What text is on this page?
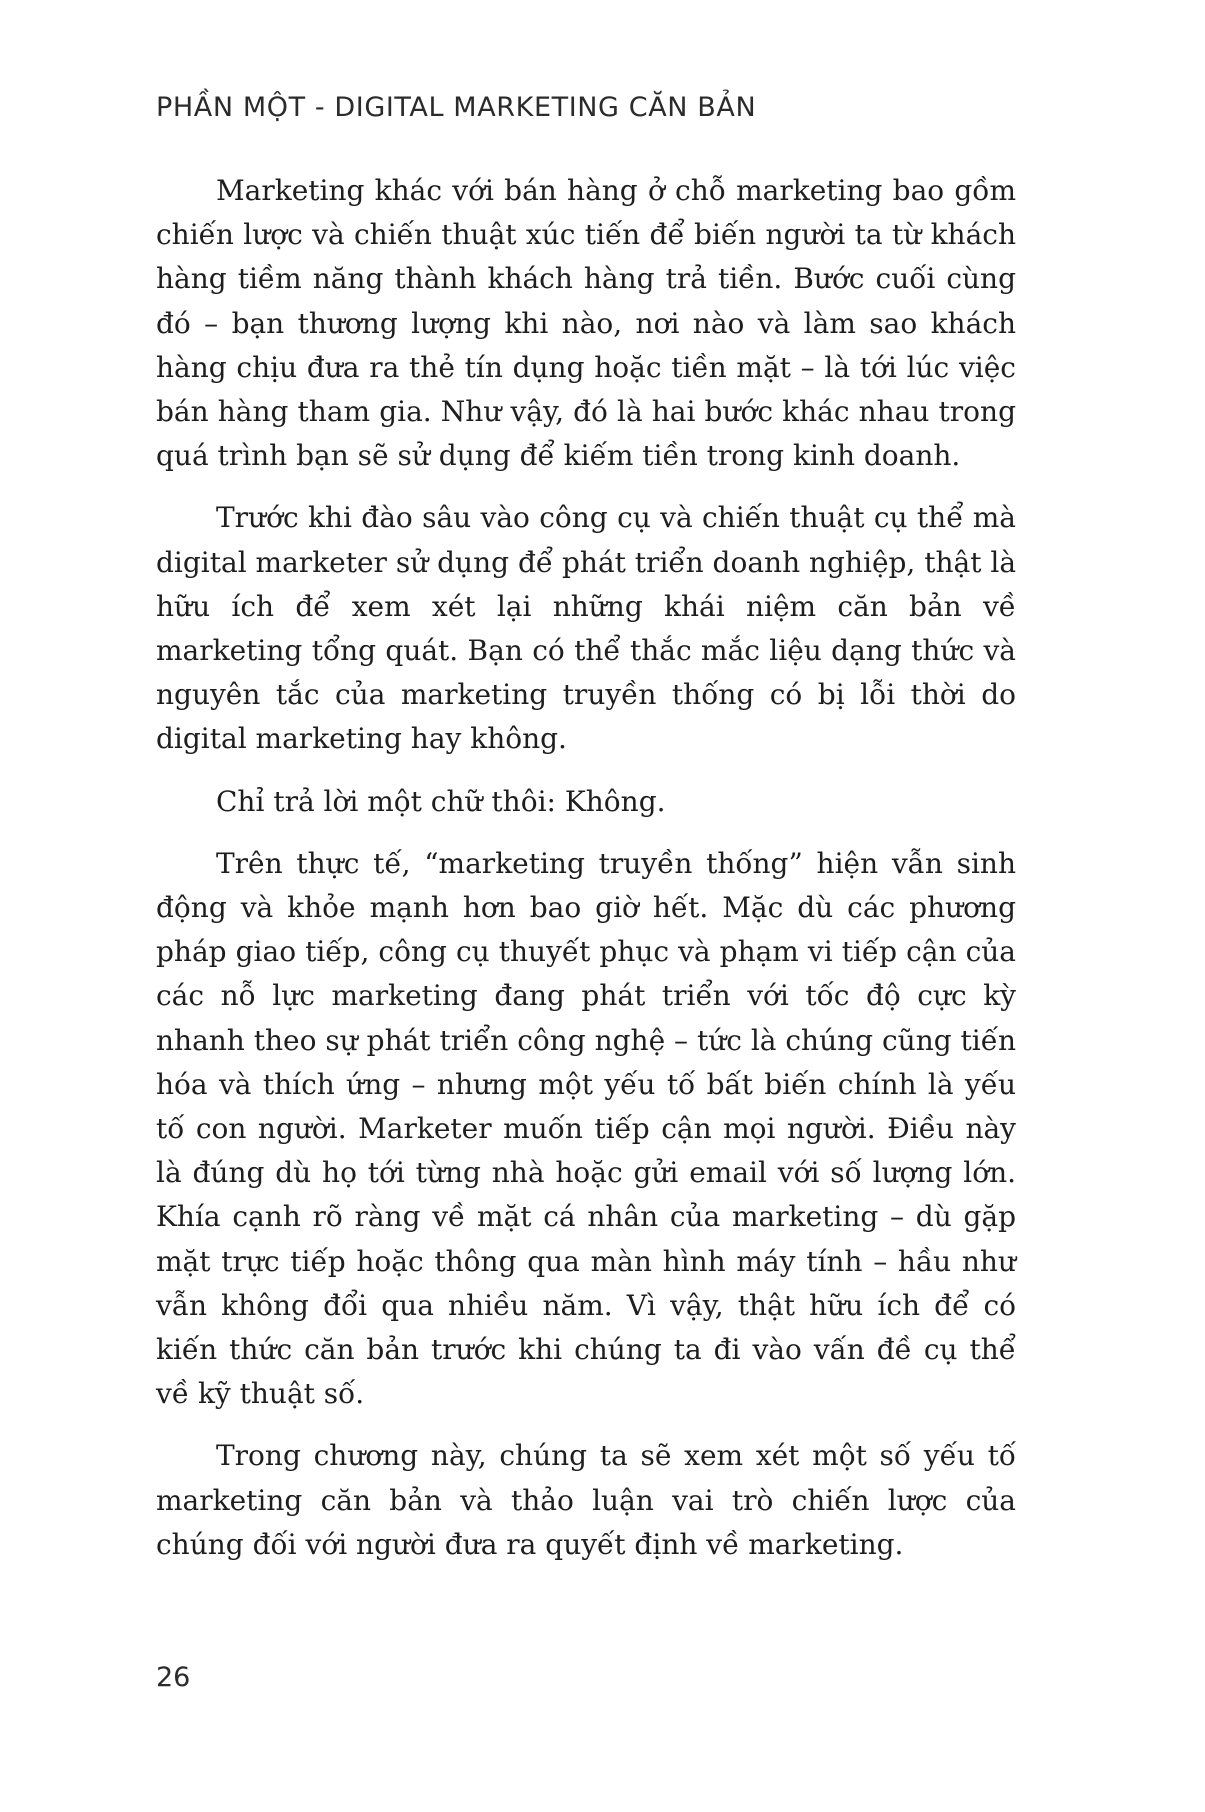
PHẦN MỘT - DIGITAL MARKETING CĂN BẢN

Marketing khác với bán hàng ở chỗ marketing bao gồm chiến lược và chiến thuật xúc tiến để biến người ta từ khách hàng tiềm năng thành khách hàng trả tiền. Bước cuối cùng đó – bạn thương lượng khi nào, nơi nào và làm sao khách hàng chịu đưa ra thẻ tín dụng hoặc tiền mặt – là tới lúc việc bán hàng tham gia. Như vậy, đó là hai bước khác nhau trong quá trình bạn sẽ sử dụng để kiếm tiền trong kinh doanh.

Trước khi đào sâu vào công cụ và chiến thuật cụ thể mà digital marketer sử dụng để phát triển doanh nghiệp, thật là hữu ích để xem xét lại những khái niệm căn bản về marketing tổng quát. Bạn có thể thắc mắc liệu dạng thức và nguyên tắc của marketing truyền thống có bị lỗi thời do digital marketing hay không.

Chỉ trả lời một chữ thôi: Không.

Trên thực tế, “marketing truyền thống” hiện vẫn sinh động và khỏe mạnh hơn bao giờ hết. Mặc dù các phương pháp giao tiếp, công cụ thuyết phục và phạm vi tiếp cận của các nỗ lực marketing đang phát triển với tốc độ cực kỳ nhanh theo sự phát triển công nghệ – tức là chúng cũng tiến hóa và thích ứng – nhưng một yếu tố bất biến chính là yếu tố con người. Marketer muốn tiếp cận mọi người. Điều này là đúng dù họ tới từng nhà hoặc gửi email với số lượng lớn. Khía cạnh rõ ràng về mặt cá nhân của marketing – dù gặp mặt trực tiếp hoặc thông qua màn hình máy tính – hầu như vẫn không đổi qua nhiều năm. Vì vậy, thật hữu ích để có kiến thức căn bản trước khi chúng ta đi vào vấn đề cụ thể về kỹ thuật số.

Trong chương này, chúng ta sẽ xem xét một số yếu tố marketing căn bản và thảo luận vai trò chiến lược của chúng đối với người đưa ra quyết định về marketing.

26
